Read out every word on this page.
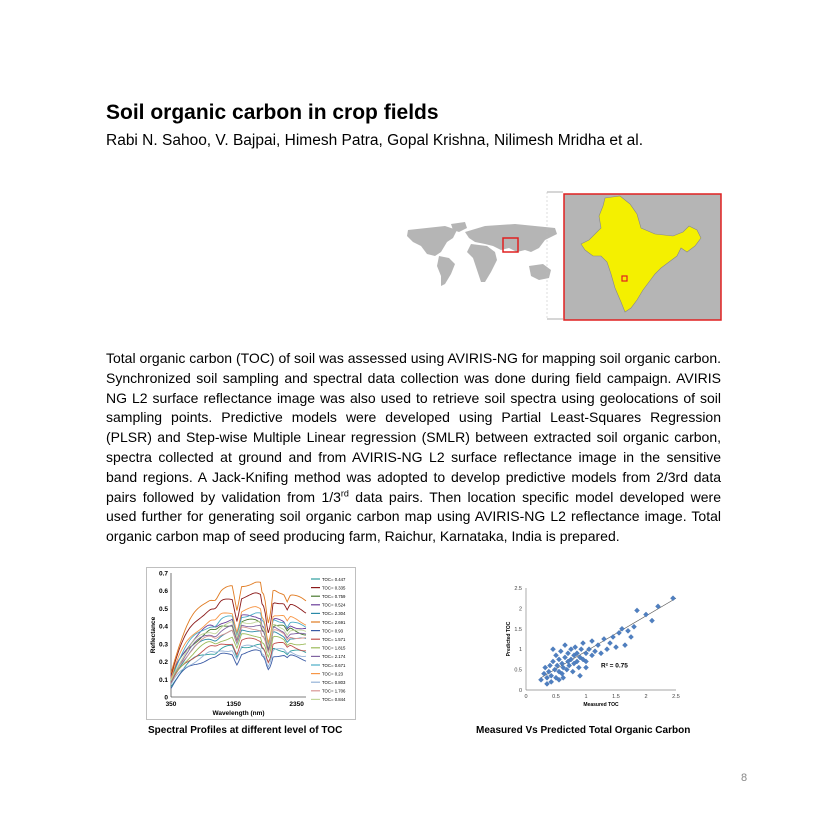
Soil organic carbon in crop fields
Rabi N. Sahoo, V. Bajpai, Himesh Patra, Gopal Krishna, Nilimesh Mridha et al.

Total organic carbon (TOC) of soil was assessed using AVIRIS-NG for mapping soil organic carbon. Synchronized soil sampling and spectral data collection was done during field campaign. AVIRIS NG L2 surface reflectance image was also used to retrieve soil spectra using geolocations of soil sampling points. Predictive models were developed using Partial Least-Squares Regression (PLSR) and Step-wise Multiple Linear regression (SMLR) between extracted soil organic carbon, spectra collected at ground and from AVIRIS-NG L2 surface reflectance image in the sensitive band regions. A Jack-Knifing method was adopted to develop predictive models from 2/3rd data pairs followed by validation from 1/3rd data pairs. Then location specific model developed were used further for generating soil organic carbon map using AVIRIS-NG L2 reflectance image. Total organic carbon map of seed producing farm, Raichur, Karnataka, India is prepared.

0
0.1
0.2
0.3
0.4
0.5
0.6
0.7
350	1350	2350
Wavelength (nm)
Reflectance
TOC= 0.447
TOC= 0.335
TOC= 0.759
TOC= 0.524
TOC= 2.304
TOC= 2.691
TOC= 0.93
TOC= 1.571
TOC= 1.815
TOC= 2.174
TOC= 0.671
TOC= 0.23
TOC= 0.803
TOC= 1.706
TOC= 0.844
0
0.5
1
1.5
2
2.5
0	0.5	1	1.5	2	2.5
Measured TOC
Predicted TOC
R² = 0.75
Spectral Profiles at different level of TOC	Measured Vs Predicted Total Organic Carbon
8
